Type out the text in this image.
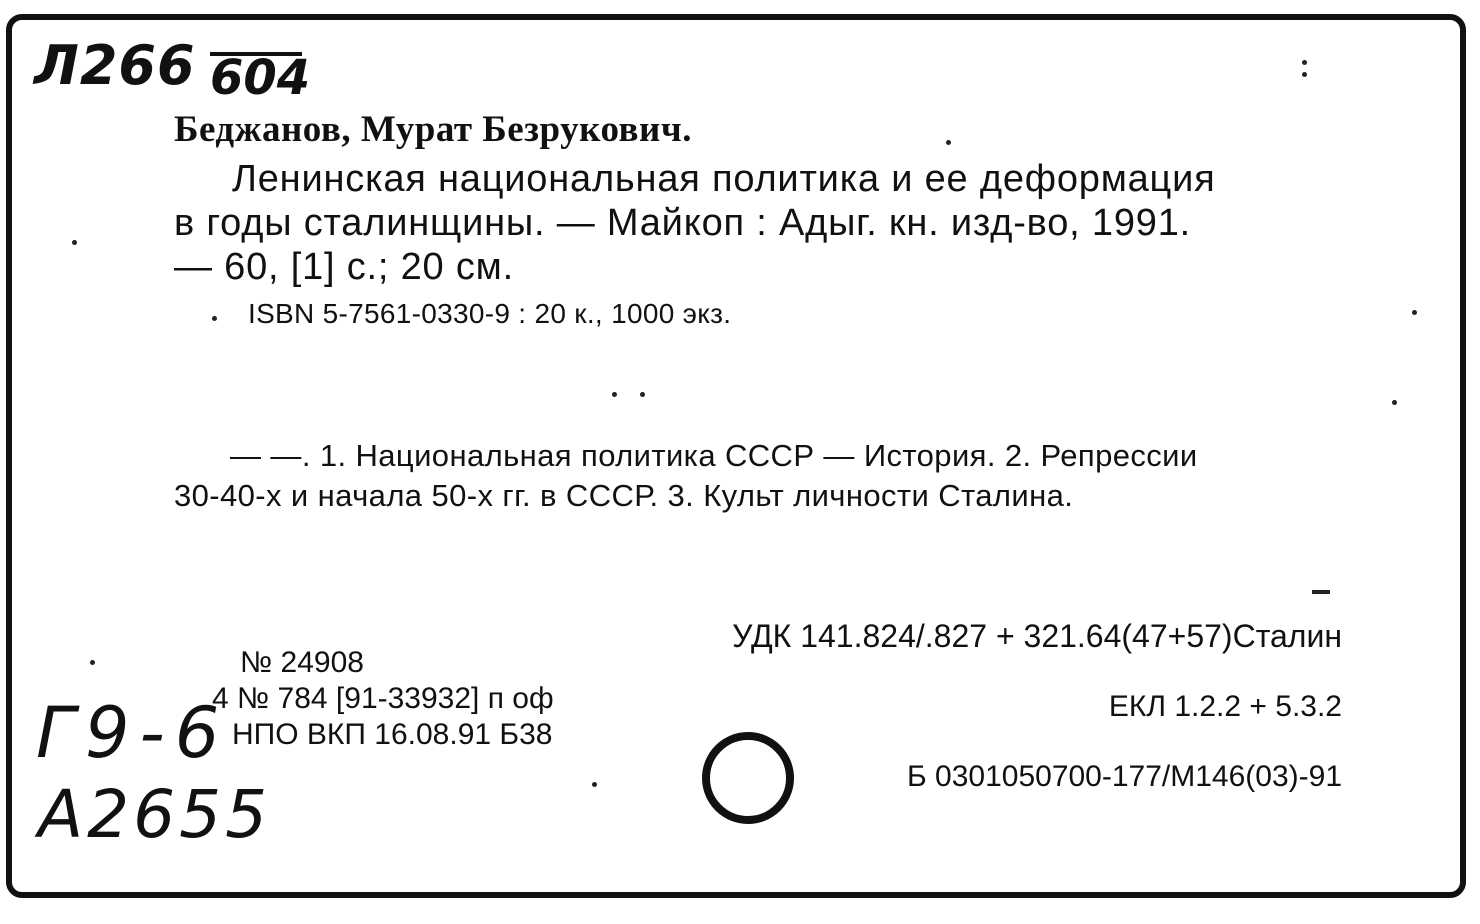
Л266 604
Беджанов, Мурат Безрукович.
Ленинская национальная политика и ее деформация
в годы сталинщины. — Майкоп : Адыг. кн. изд-во, 1991.
— 60, [1] с.; 20 см.
ISBN 5-7561-0330-9 : 20 к., 1000 экз.
— —. 1. Национальная политика СССР — История. 2. Репрессии
30-40-х и начала 50-х гг. в СССР. 3. Культ личности Сталина.
УДК 141.824/.827 + 321.64(47+57)Сталин
ЕКЛ 1.2.2 + 5.3.2
Б 0301050700-177/М146(03)-91
№ 24908
4 № 784 [91-33932] п оф
НПО ВКП 16.08.91 Б38
Г9-6
А2655
